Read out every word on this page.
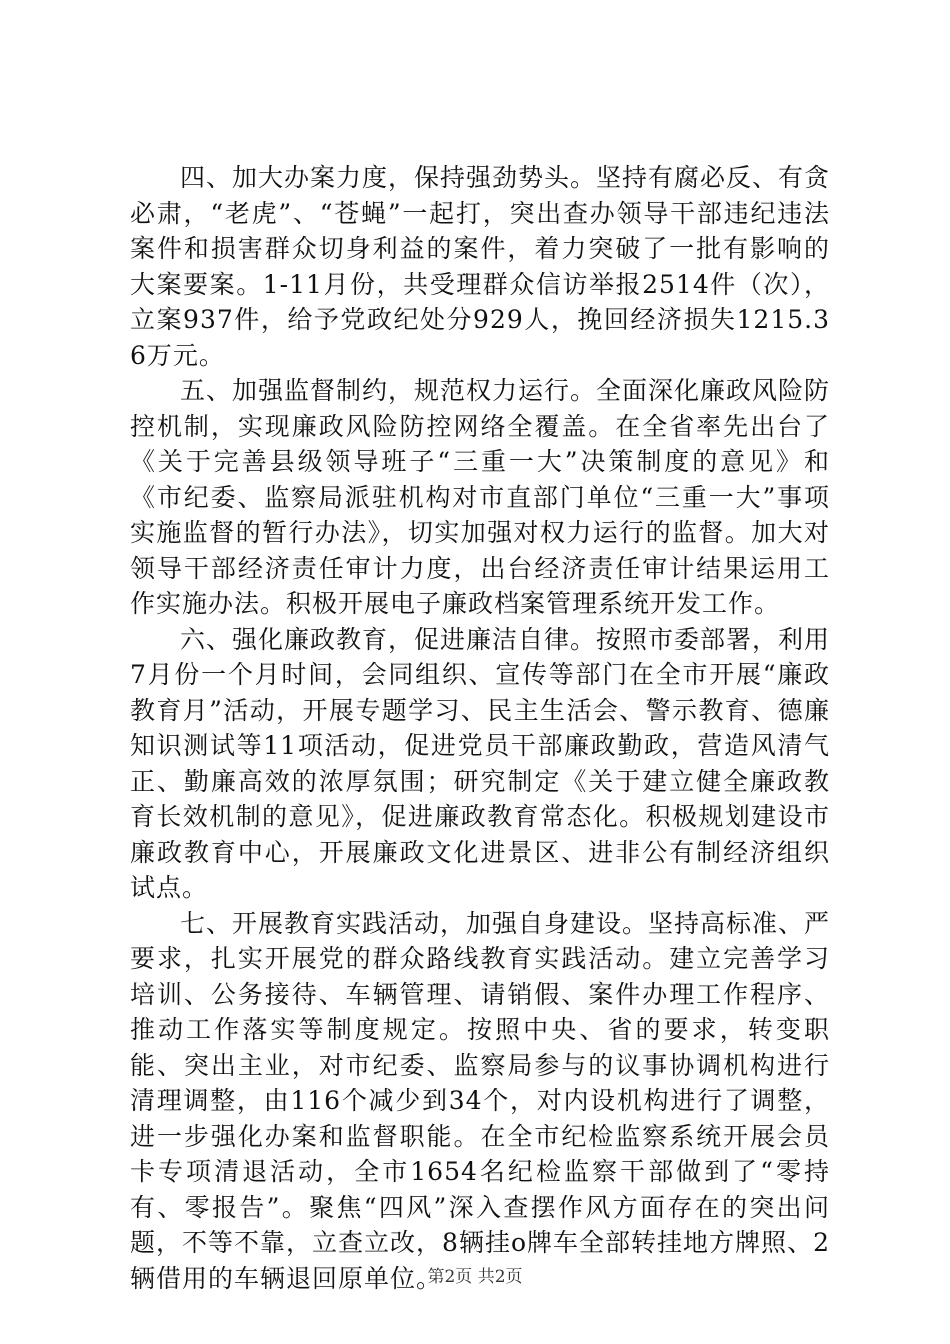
四、加大办案力度，保持强劲势头。坚持有腐必反、有贪必肃，“老虎”、“苍蝇”一起打，突出查办领导干部违纪违法案件和损害群众切身利益的案件，着力突破了一批有影响的大案要案。1-11月份，共受理群众信访举报2514件（次），立案937件，给予党政纪处分929人，挽回经济损失1215.36万元。

五、加强监督制约，规范权力运行。全面深化廉政风险防控机制，实现廉政风险防控网络全覆盖。在全省率先出台了《关于完善县级领导班子“三重一大”决策制度的意见》和《市纪委、监察局派驻机构对市直部门单位“三重一大”事项实施监督的暂行办法》，切实加强对权力运行的监督。加大对领导干部经济责任审计力度，出台经济责任审计结果运用工作实施办法。积极开展电子廉政档案管理系统开发工作。

六、强化廉政教育，促进廉洁自律。按照市委部署，利用7月份一个月时间，会同组织、宣传等部门在全市开展“廉政教育月”活动，开展专题学习、民主生活会、警示教育、德廉知识测试等11项活动，促进党员干部廉政勤政，营造风清气正、勤廉高效的浓厚氛围；研究制定《关于建立健全廉政教育长效机制的意见》，促进廉政教育常态化。积极规划建设市廉政教育中心，开展廉政文化进景区、进非公有制经济组织试点。

七、开展教育实践活动，加强自身建设。坚持高标准、严要求，扎实开展党的群众路线教育实践活动。建立完善学习培训、公务接待、车辆管理、请销假、案件办理工作程序、推动工作落实等制度规定。按照中央、省的要求，转变职能、突出主业，对市纪委、监察局参与的议事协调机构进行清理调整，由116个减少到34个，对内设机构进行了调整，进一步强化办案和监督职能。在全市纪检监察系统开展会员卡专项清退活动，全市1654名纪检监察干部做到了“零持有、零报告”。聚焦“四风”深入查摆作风方面存在的突出问题，不等不靠，立查立改，8辆挂o牌车全部转挂地方牌照、2辆借用的车辆退回原单位。

第2页 共2页
